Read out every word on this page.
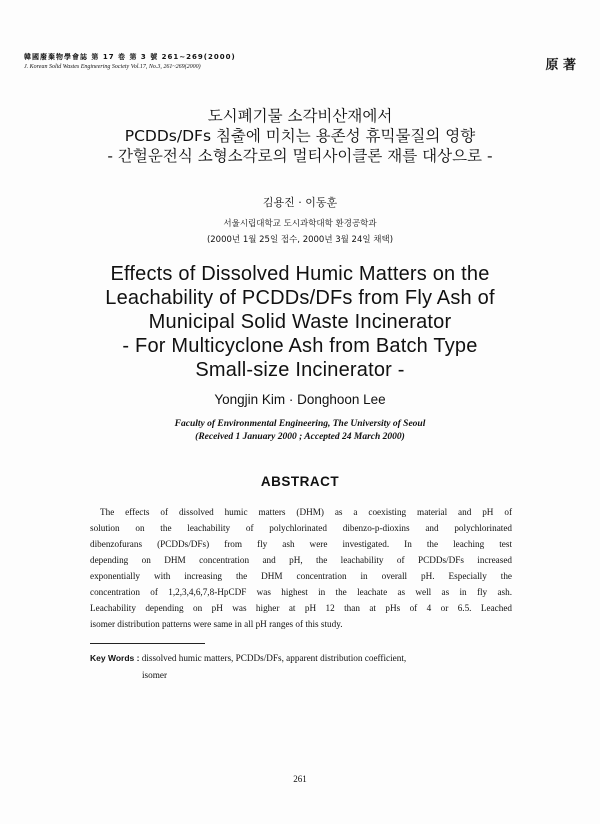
韓國廢棄物學會誌 第 17 卷 第 3 號 261~269(2000)
J. Korean Solid Wastes Engineering Society Vol.17, No.3, 261~269(2000)	原 著
도시폐기물 소각비산재에서
PCDDs/DFs 침출에 미치는 용존성 휴믹물질의 영향
- 간헐운전식 소형소각로의 멀티사이클론 재를 대상으로 -
김용진 · 이동훈
서울시립대학교 도시과학대학 환경공학과
(2000년 1월 25일 접수, 2000년 3월 24일 채택)
Effects of Dissolved Humic Matters on the
Leachability of PCDDs/DFs from Fly Ash of
Municipal Solid Waste Incinerator
- For Multicyclone Ash from Batch Type
Small-size Incinerator -
Yongjin Kim · Donghoon Lee
Faculty of Environmental Engineering, The University of Seoul
(Received 1 January 2000 ; Accepted 24 March 2000)
ABSTRACT
The effects of dissolved humic matters (DHM) as a coexisting material and pH of
solution on the leachability of polychlorinated dibenzo-p-dioxins and polychlorinated
dibenzofurans (PCDDs/DFs) from fly ash were investigated. In the leaching test
depending on DHM concentration and pH, the leachability of PCDDs/DFs increased
exponentially with increasing the DHM concentration in overall pH. Especially the
concentration of 1,2,3,4,6,7,8-HpCDF was highest in the leachate as well as in fly ash.
Leachability depending on pH was higher at pH 12 than at pHs of 4 or 6.5. Leached
isomer distribution patterns were same in all pH ranges of this study.
Key Words : dissolved humic matters, PCDDs/DFs, apparent distribution coefficient,
isomer
261
